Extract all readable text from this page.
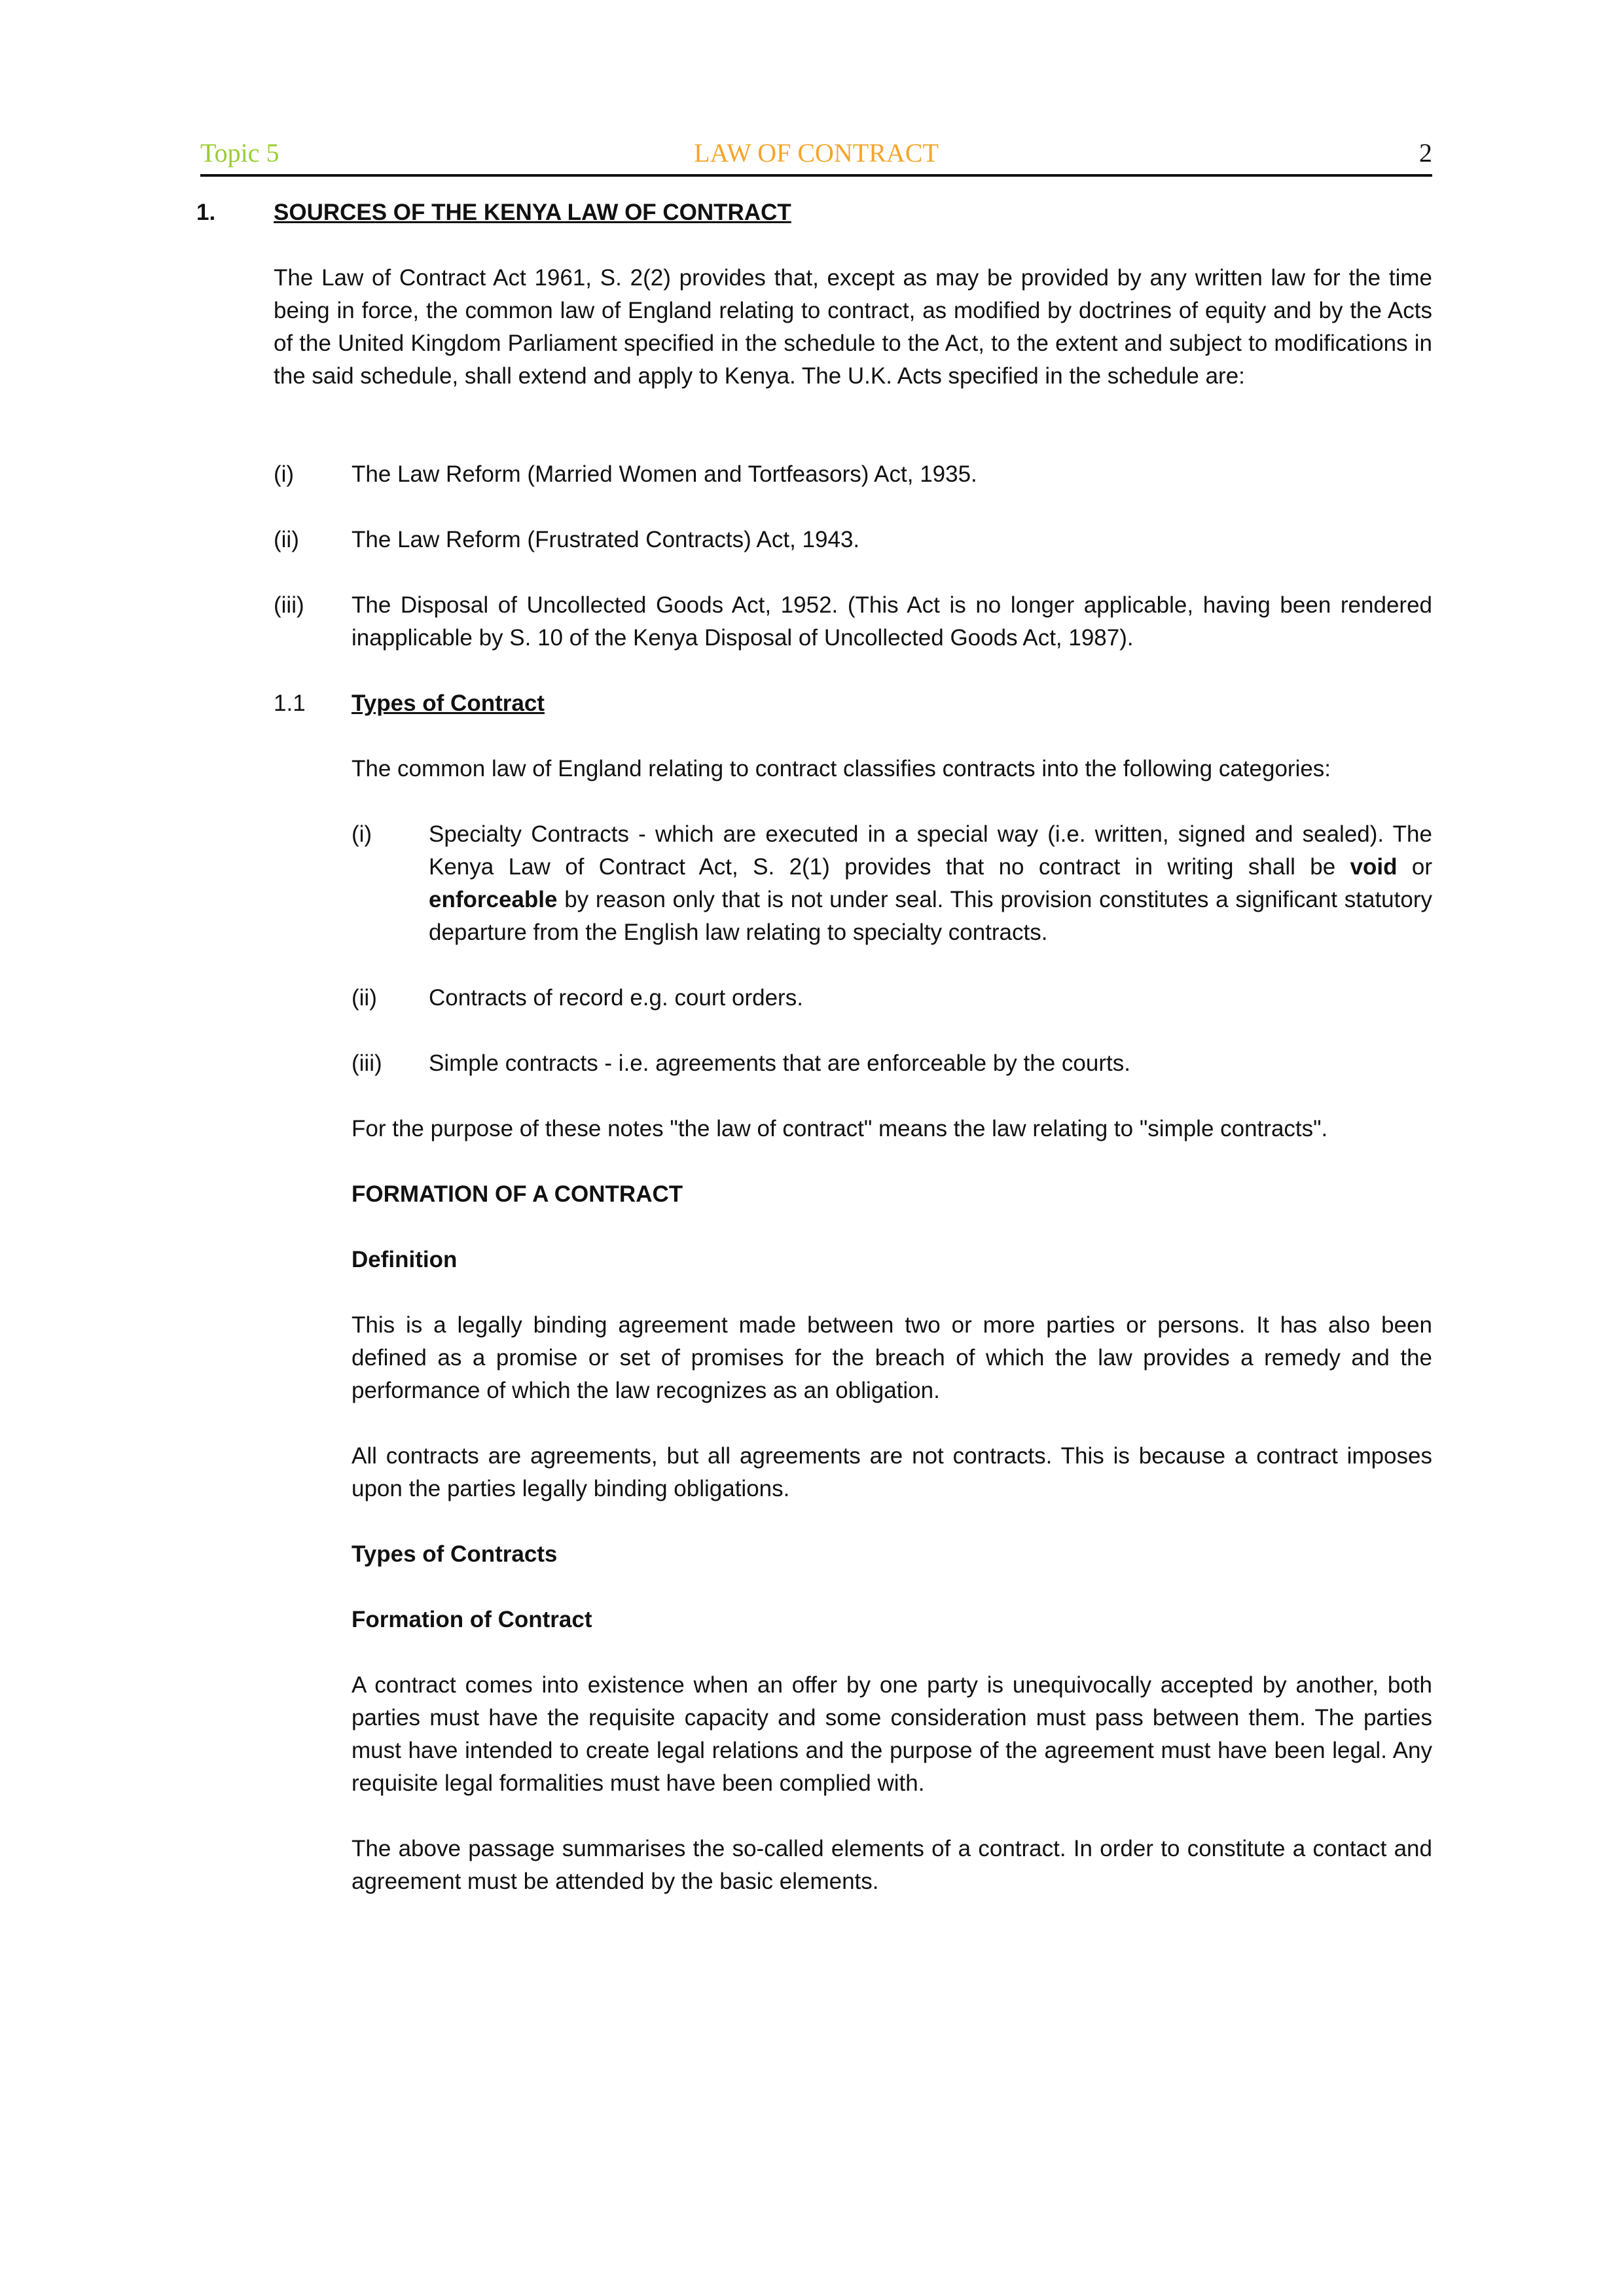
Topic 5	LAW OF CONTRACT	2
1.	SOURCES OF THE KENYA LAW OF CONTRACT
The Law of Contract Act 1961, S. 2(2) provides that, except as may be provided by any written law for the time being in force, the common law of England relating to contract, as modified by doctrines of equity and by the Acts of the United Kingdom Parliament specified in the schedule to the Act, to the extent and subject to modifications in the said schedule, shall extend and apply to Kenya. The U.K. Acts specified in the schedule are:
(i)	The Law Reform (Married Women and Tortfeasors) Act, 1935.
(ii) The Law Reform (Frustrated Contracts) Act, 1943.
(iii) The Disposal of Uncollected Goods Act, 1952. (This Act is no longer applicable, having been rendered inapplicable by S. 10 of the Kenya Disposal of Uncollected Goods Act, 1987).
1.1 Types of Contract
The common law of England relating to contract classifies contracts into the following categories:
(i) Specialty Contracts - which are executed in a special way (i.e. written, signed and sealed). The Kenya Law of Contract Act, S. 2(1) provides that no contract in writing shall be void or enforceable by reason only that is not under seal. This provision constitutes a significant statutory departure from the English law relating to specialty contracts.
(ii) Contracts of record e.g. court orders.
(iii) Simple contracts - i.e. agreements that are enforceable by the courts.
For the purpose of these notes "the law of contract" means the law relating to "simple contracts".
FORMATION OF A CONTRACT
Definition
This is a legally binding agreement made between two or more parties or persons. It has also been defined as a promise or set of promises for the breach of which the law provides a remedy and the performance of which the law recognizes as an obligation.
All contracts are agreements, but all agreements are not contracts. This is because a contract imposes upon the parties legally binding obligations.
Types of Contracts
Formation of Contract
A contract comes into existence when an offer by one party is unequivocally accepted by another, both parties must have the requisite capacity and some consideration must pass between them. The parties must have intended to create legal relations and the purpose of the agreement must have been legal. Any requisite legal formalities must have been complied with.
The above passage summarises the so-called elements of a contract. In order to constitute a contact and agreement must be attended by the basic elements.
